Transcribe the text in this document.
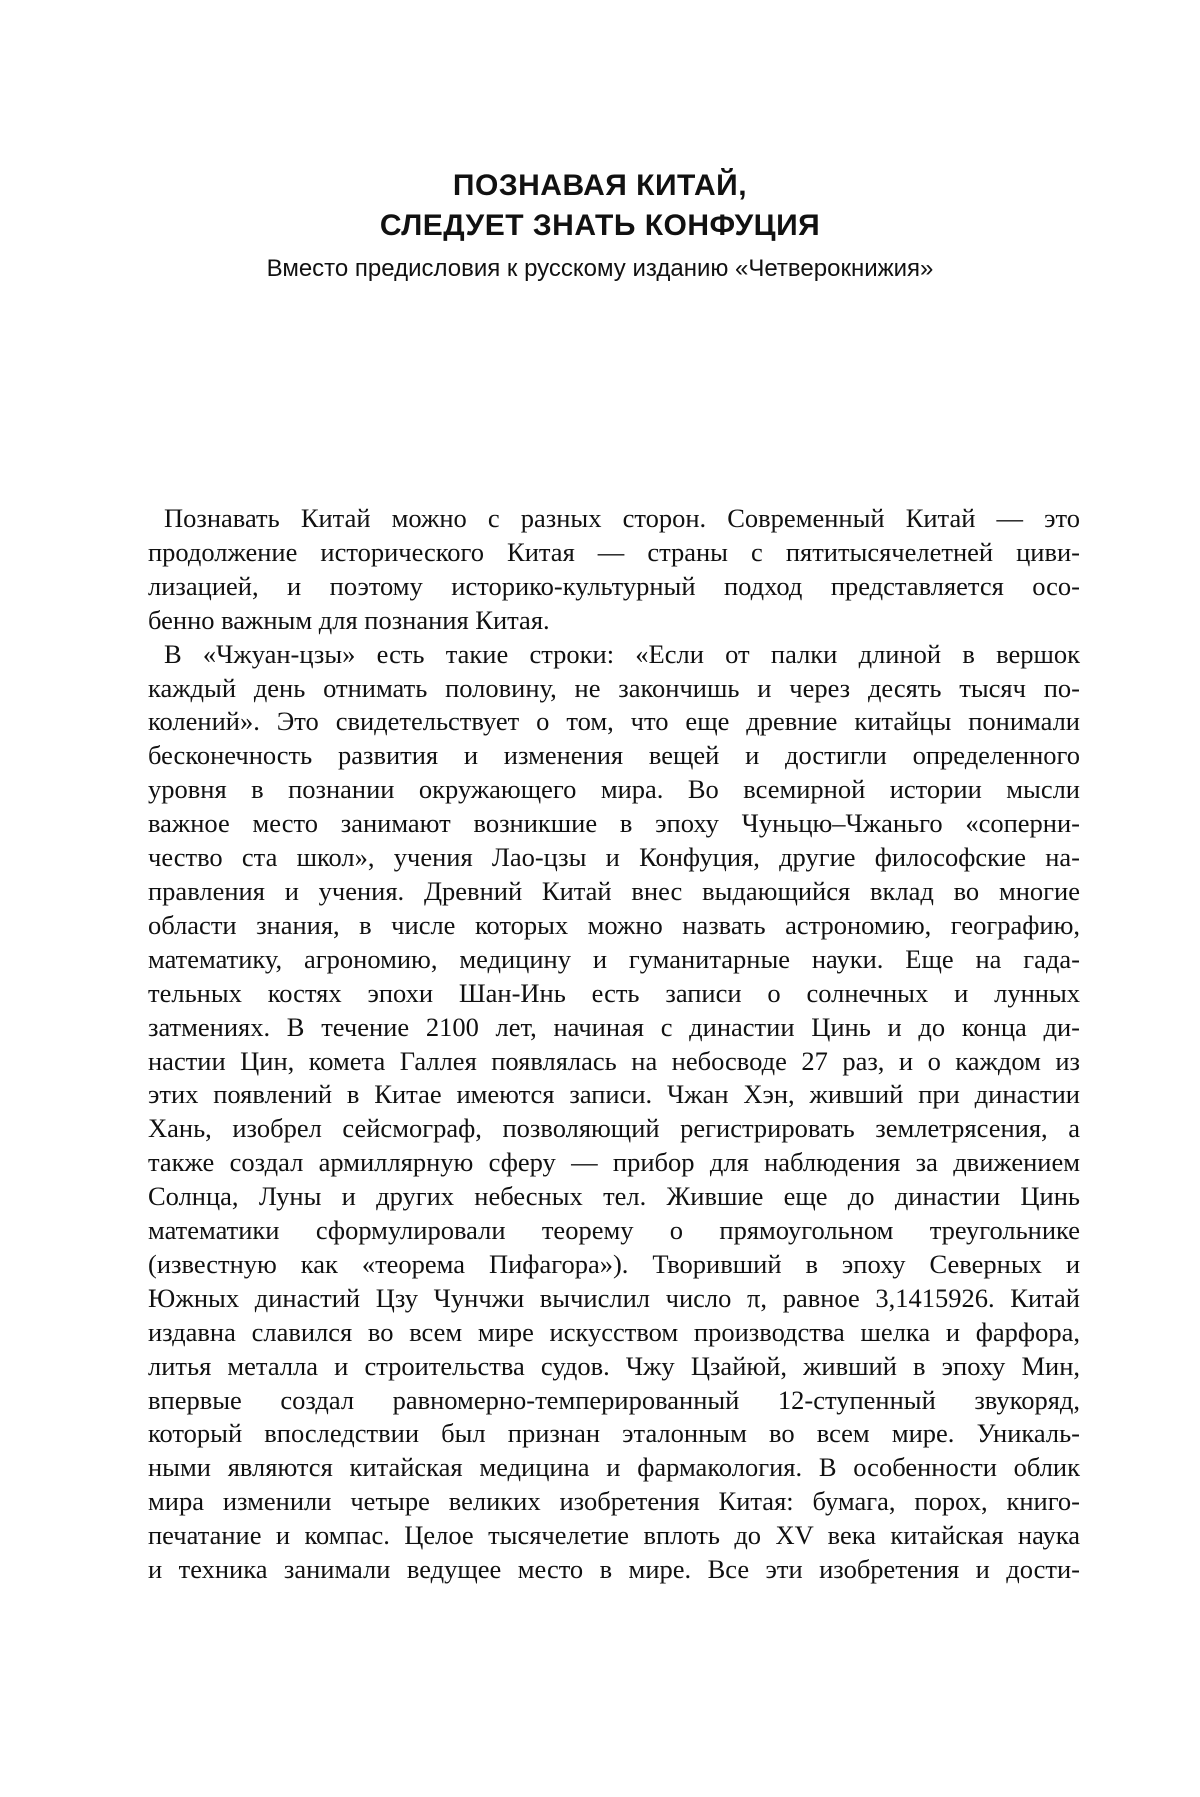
ПОЗНАВАЯ КИТАЙ,

СЛЕДУЕТ ЗНАТЬ КОНФУЦИЯ

Вместо предисловия к русскому изданию «Четверокнижия»

Познавать Китай можно с разных сторон. Современный Китай — это
продолжение исторического Китая — страны с пятитысячелетней циви-
лизацией, и поэтому историко-культурный подход представляется осо-
бенно важным для познания Китая.

В «Чжуан-цзы» есть такие строки: «Если от палки длиной в вершок
каждый день отнимать половину, не закончишь и через десять тысяч по-
колений». Это свидетельствует о том, что еще древние китайцы понимали
бесконечность развития и изменения вещей и достигли определенного
уровня в познании окружающего мира. Во всемирной истории мысли
важное место занимают возникшие в эпоху Чуньцю–Чжаньго «соперни-
чество ста школ», учения Лао-цзы и Конфуция, другие философские на-
правления и учения. Древний Китай внес выдающийся вклад во многие
области знания, в числе которых можно назвать астрономию, географию,
математику, агрономию, медицину и гуманитарные науки. Еще на гада-
тельных костях эпохи Шан-Инь есть записи о солнечных и лунных
затмениях. В течение 2100 лет, начиная с династии Цинь и до конца ди-
настии Цин, комета Галлея появлялась на небосводе 27 раз, и о каждом из
этих появлений в Китае имеются записи. Чжан Хэн, живший при династии
Хань, изобрел сейсмограф, позволяющий регистрировать землетрясения, а
также создал армиллярную сферу — прибор для наблюдения за движением
Солнца, Луны и других небесных тел. Жившие еще до династии Цинь
математики сформулировали теорему о прямоугольном треугольнике
(известную как «теорема Пифагора»). Творивший в эпоху Северных и
Южных династий Цзу Чунчжи вычислил число π, равное 3,1415926. Китай
издавна славился во всем мире искусством производства шелка и фарфора,
литья металла и строительства судов. Чжу Цзайюй, живший в эпоху Мин,
впервые создал равномерно-темперированный 12-ступенный звукоряд,
который впоследствии был признан эталонным во всем мире. Уникаль-
ными являются китайская медицина и фармакология. В особенности облик
мира изменили четыре великих изобретения Китая: бумага, порох, книго-
печатание и компас. Целое тысячелетие вплоть до XV века китайская наука
и техника занимали ведущее место в мире. Все эти изобретения и дости-
